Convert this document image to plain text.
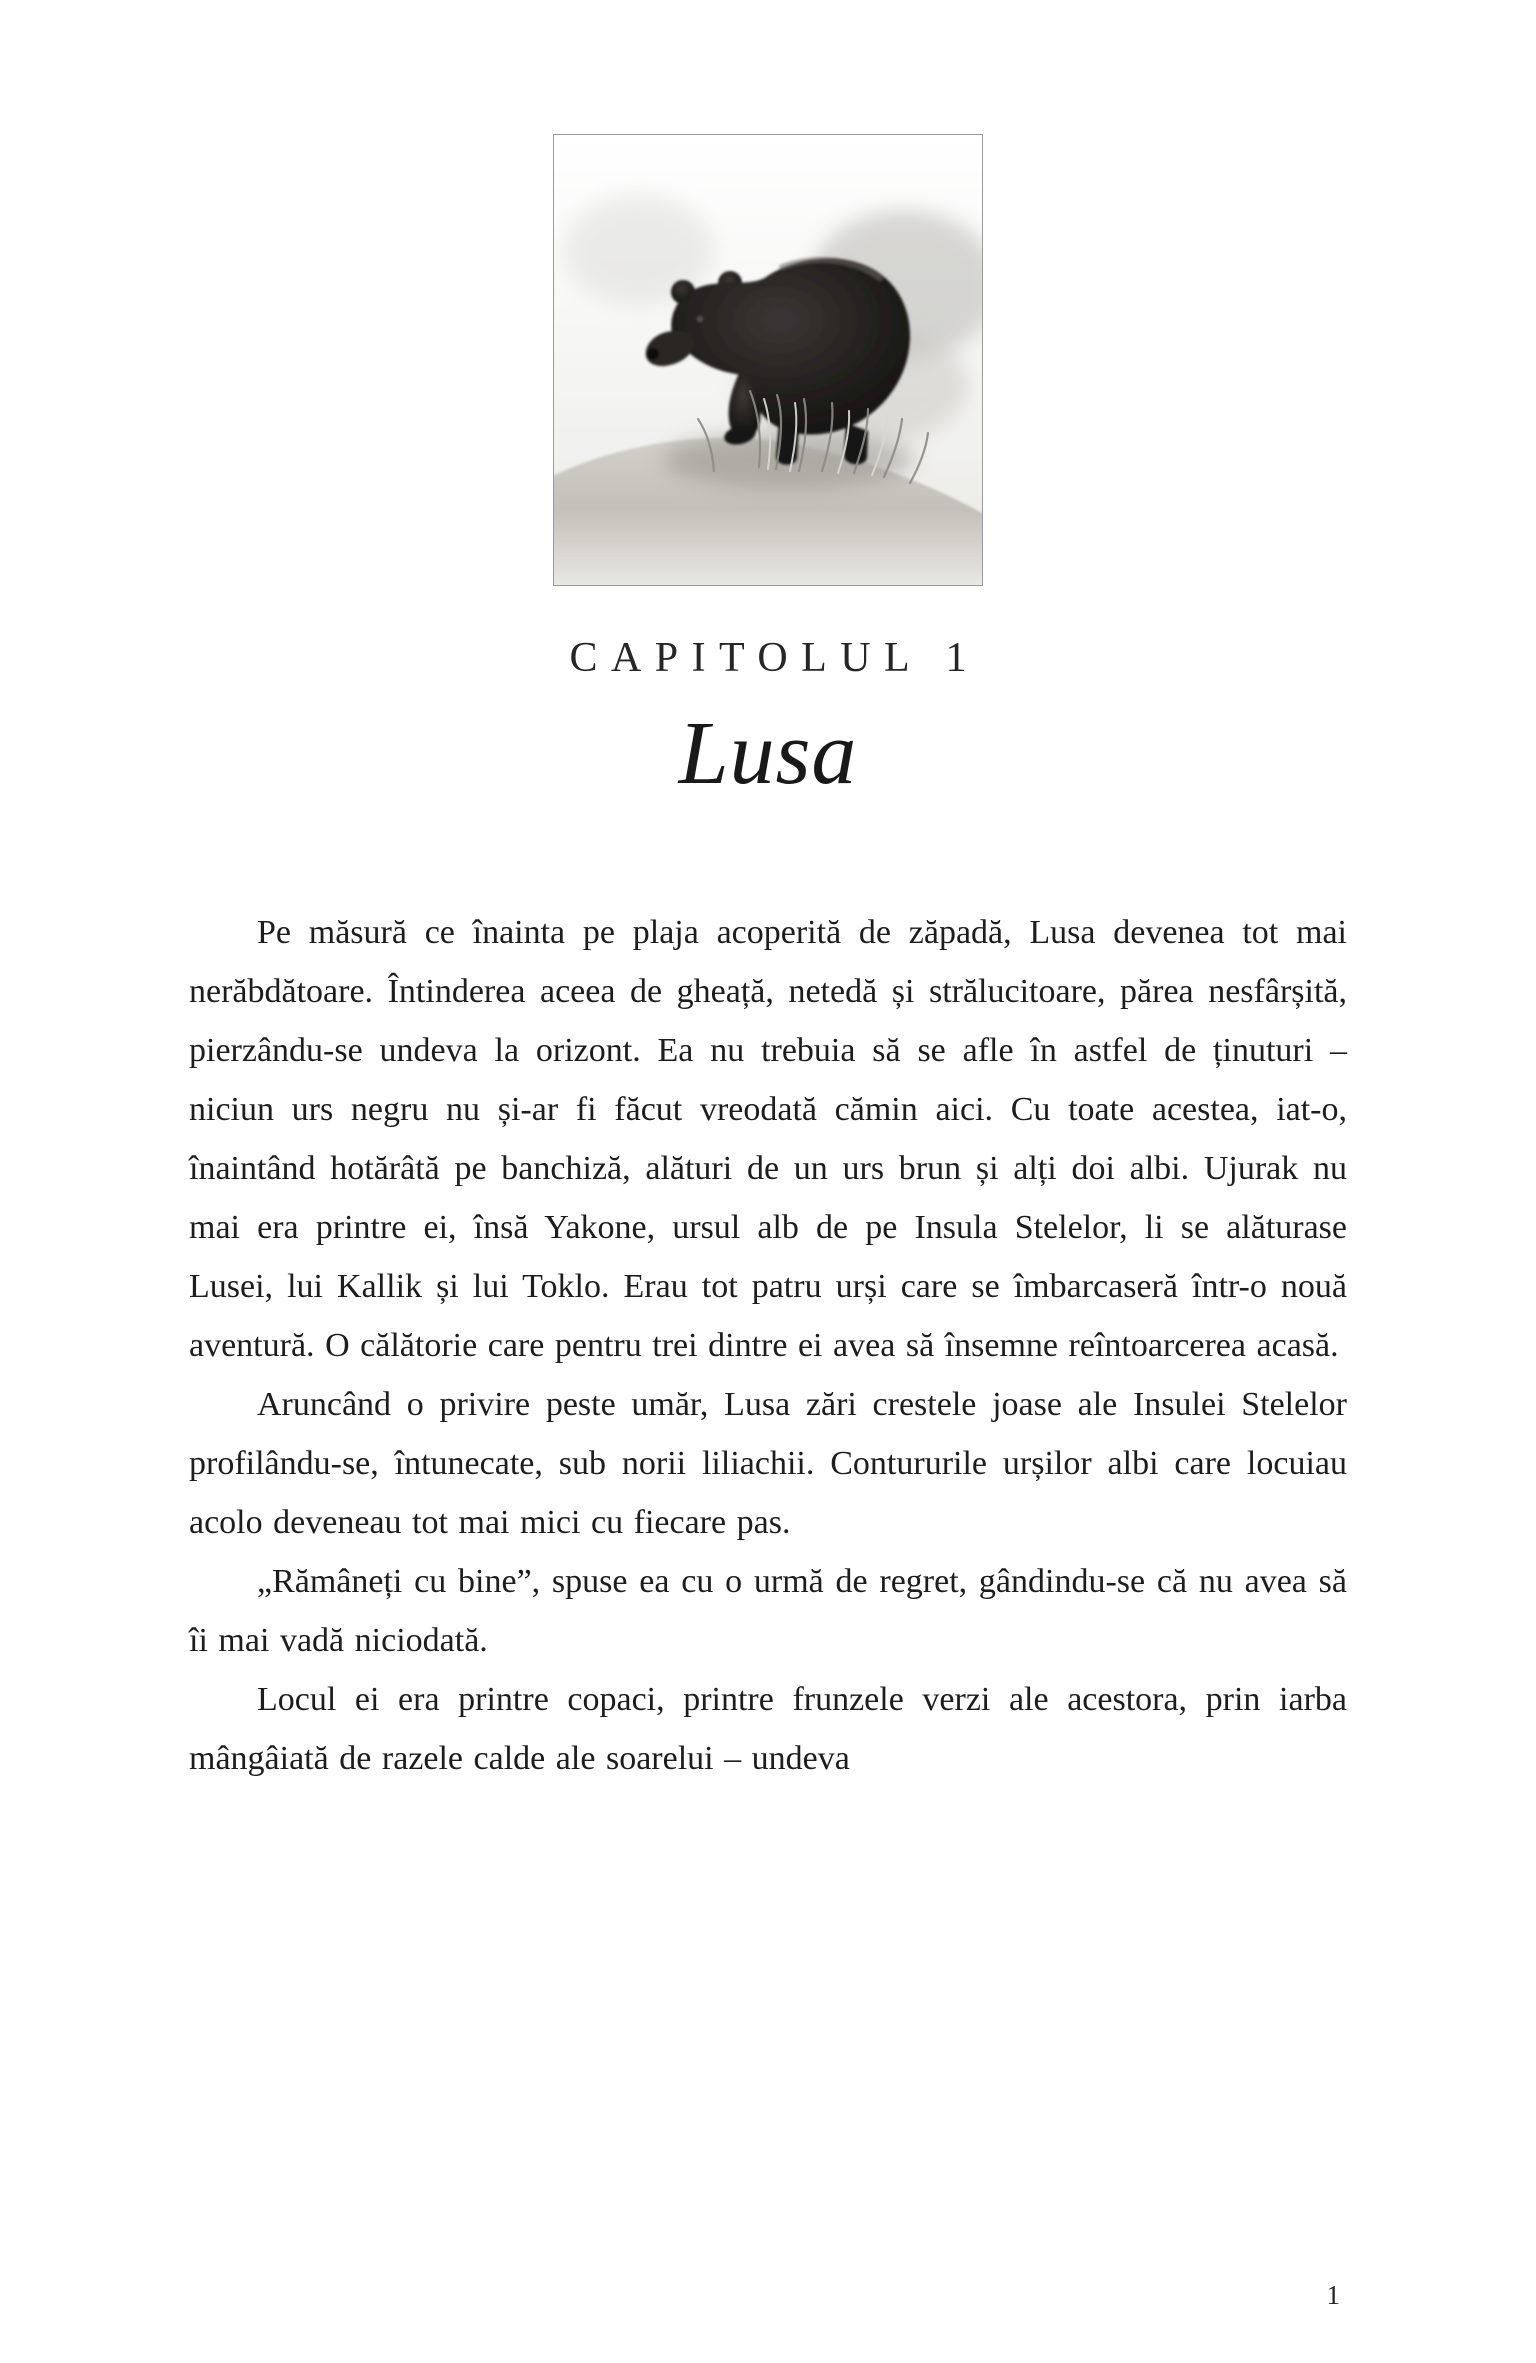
CAPITOLUL 1
Lusa

Pe măsură ce înainta pe plaja acoperită de zăpadă, Lusa devenea tot mai nerăbdătoare. Întinderea aceea de gheață, netedă și strălucitoare, părea nesfârșită, pierzându-se undeva la orizont. Ea nu trebuia să se afle în astfel de ținuturi – niciun urs negru nu și-ar fi făcut vreodată cămin aici. Cu toate acestea, iat-o, înaintând hotărâtă pe banchiză, alături de un urs brun și alți doi albi. Ujurak nu mai era printre ei, însă Yakone, ursul alb de pe Insula Stelelor, li se alăturase Lusei, lui Kallik și lui Toklo. Erau tot patru urși care se îmbarcaseră într-o nouă aventură. O călătorie care pentru trei dintre ei avea să însemne reîntoarcerea acasă.

Aruncând o privire peste umăr, Lusa zări crestele joase ale Insulei Stelelor profilându-se, întunecate, sub norii liliachii. Contururile urșilor albi care locuiau acolo deveneau tot mai mici cu fiecare pas.

„Rămâneți cu bine”, spuse ea cu o urmă de regret, gândindu-se că nu avea să îi mai vadă niciodată.

Locul ei era printre copaci, printre frunzele verzi ale acestora, prin iarba mângâiată de razele calde ale soarelui – undeva

1
